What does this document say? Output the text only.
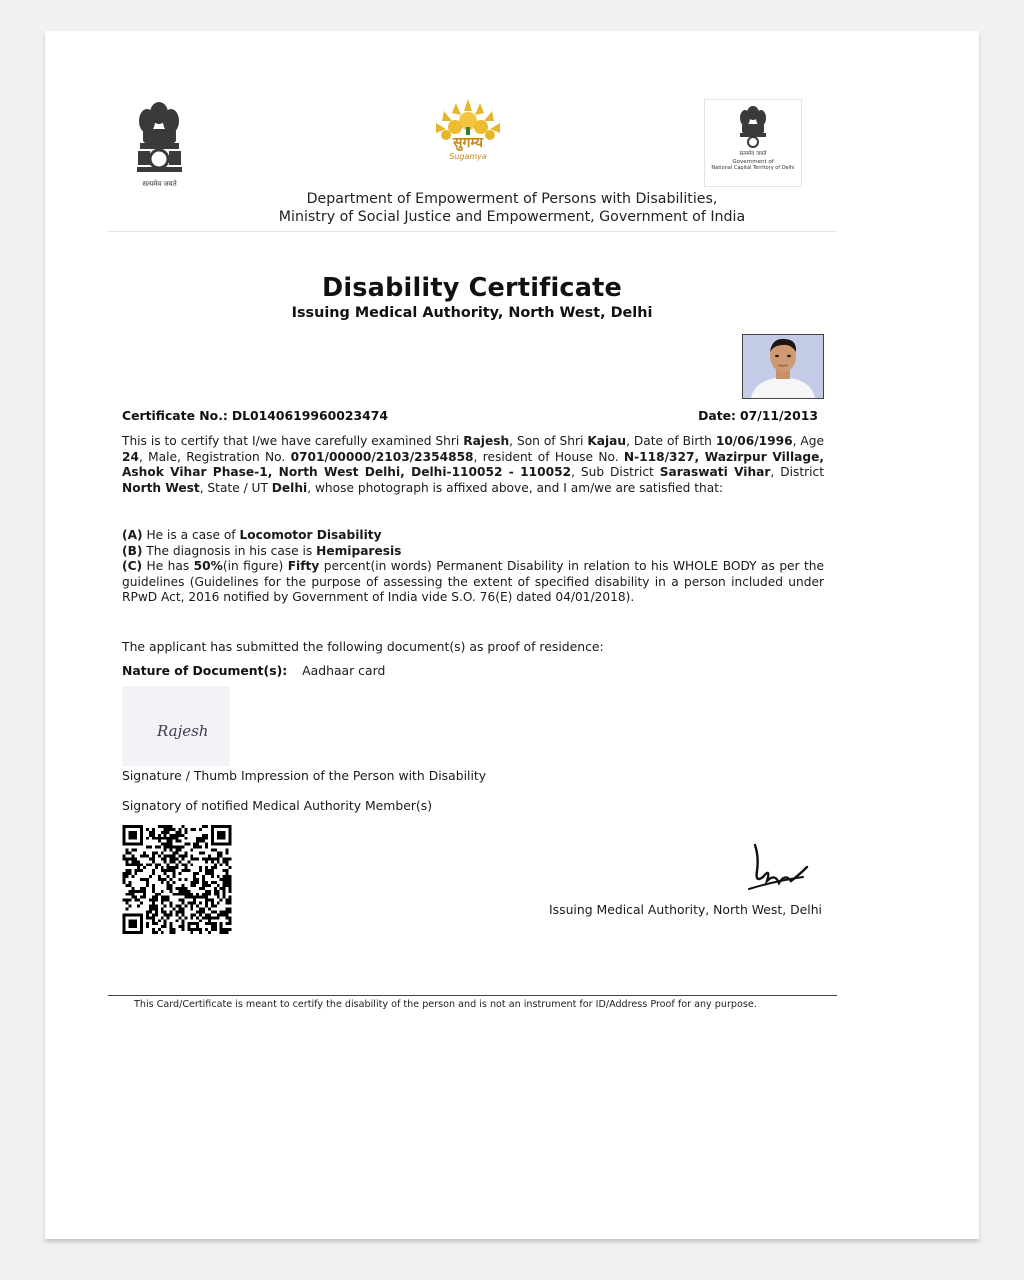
सत्यमेव जयते
सुगम्य
Sugamya	सत्यमेव जयते
Government of
National Capital Territory of Delhi
Department of Empowerment of Persons with Disabilities,
Ministry of Social Justice and Empowerment, Government of India
Disability Certificate
Issuing Medical Authority, North West, Delhi
Certificate No.: DL0140619960023474	Date: 07/11/2013
This is to certify that I/we have carefully examined Shri Rajesh, Son of Shri Kajau, Date of Birth 10/06/1996, Age 24, Male, Registration No. 0701/00000/2103/2354858, resident of House No. N-118/327, Wazirpur Village, Ashok Vihar Phase-1, North West Delhi, Delhi-110052 - 110052, Sub District Saraswati Vihar, District North West, State / UT Delhi, whose photograph is affixed above, and I am/we are satisfied that:
(A) He is a case of Locomotor Disability
(B) The diagnosis in his case is Hemiparesis
(C) He has 50%(in figure) Fifty percent(in words) Permanent Disability in relation to his WHOLE BODY as per the guidelines (Guidelines for the purpose of assessing the extent of specified disability in a person included under RPwD Act, 2016 notified by Government of India vide S.O. 76(E) dated 04/01/2018).
The applicant has submitted the following document(s) as proof of residence:
Nature of Document(s): Aadhaar card
Rajesh
Signature / Thumb Impression of the Person with Disability
Signatory of notified Medical Authority Member(s)
Issuing Medical Authority, North West, Delhi
This Card/Certificate is meant to certify the disability of the person and is not an instrument for ID/Address Proof for any purpose.
